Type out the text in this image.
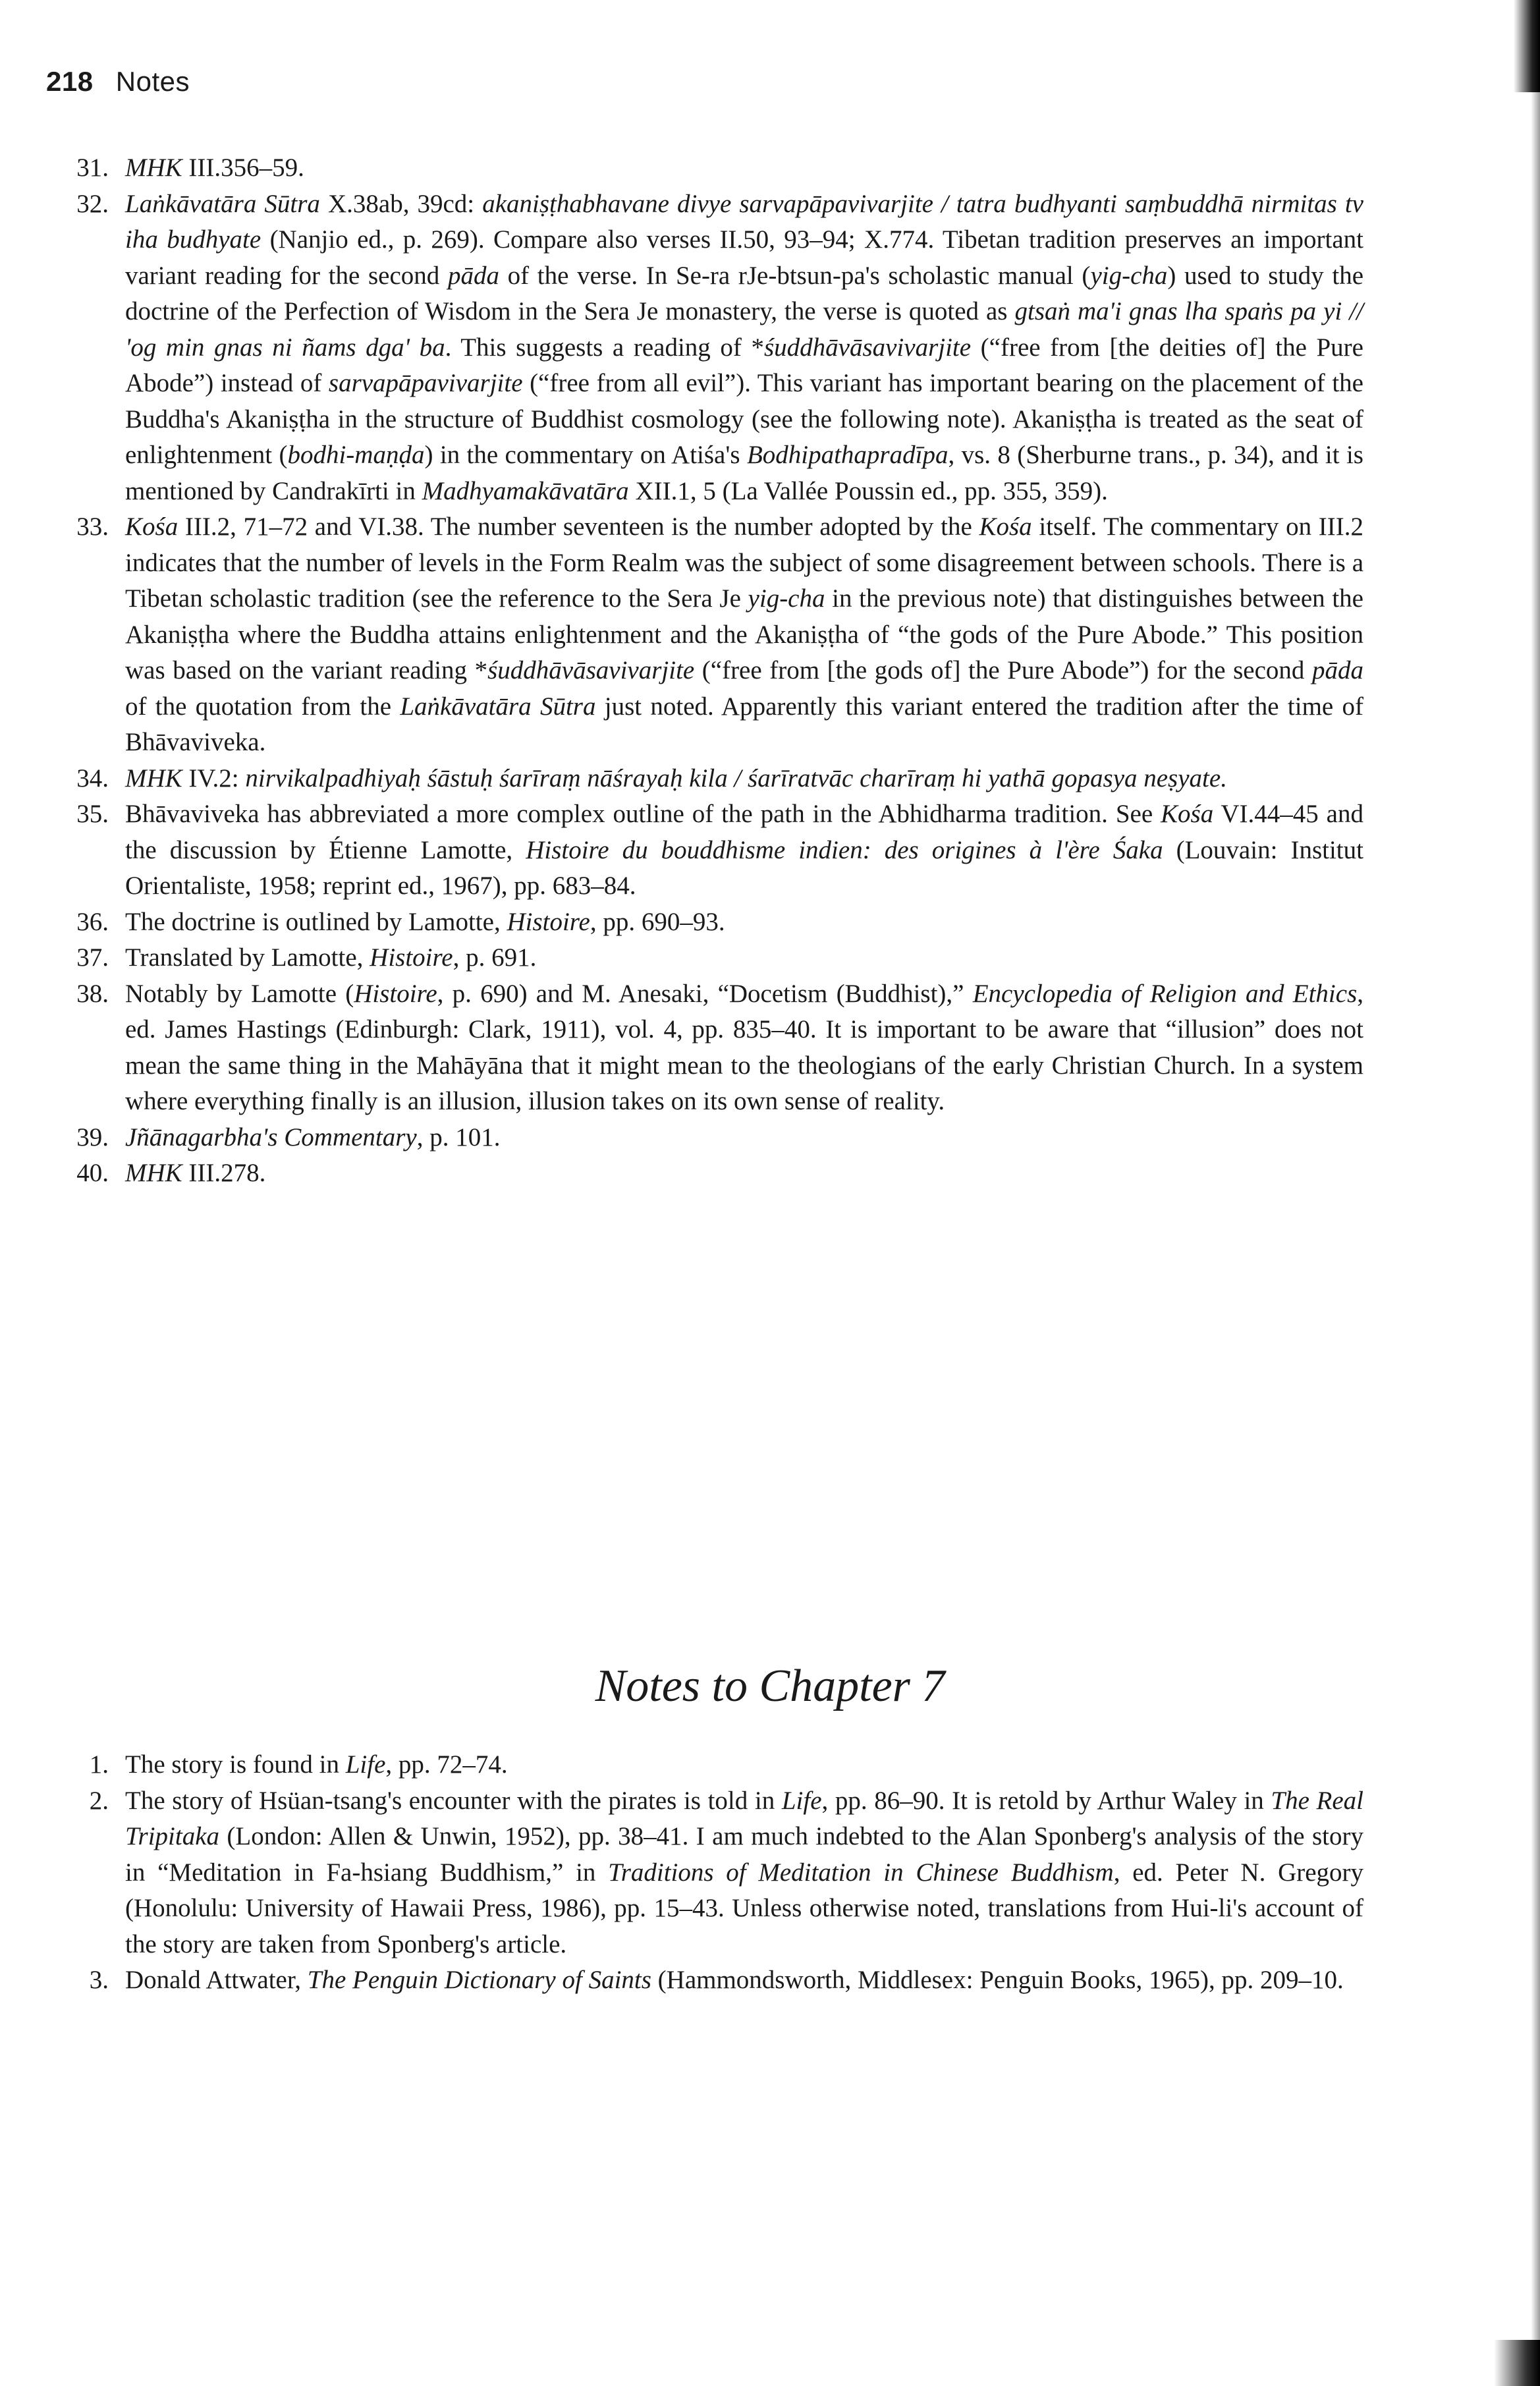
218 Notes
31. MHK III.356–59.
32. Laṅkāvatāra Sūtra X.38ab, 39cd: akaniṣṭhabhavane divye sarvapāpavivarjite / tatra budhyanti saṃbuddhā nirmitas tv iha budhyate (Nanjio ed., p. 269). Compare also verses II.50, 93–94; X.774. Tibetan tradition preserves an important variant reading for the second pāda of the verse. In Se-ra rJe-btsun-pa's scholastic manual (yig-cha) used to study the doctrine of the Perfection of Wisdom in the Sera Je monastery, the verse is quoted as gtsaṅ ma'i gnas lha spaṅs pa yi // 'og min gnas ni ñams dga' ba. This suggests a reading of *śuddhāvāsavivarjite (“free from [the deities of] the Pure Abode”) instead of sarvapāpavivarjite (“free from all evil”). This variant has important bearing on the placement of the Buddha's Akaniṣṭha in the structure of Buddhist cosmology (see the following note). Akaniṣṭha is treated as the seat of enlightenment (bodhi-maṇḍa) in the commentary on Atiśa's Bodhipathapradīpa, vs. 8 (Sherburne trans., p. 34), and it is mentioned by Candrakīrti in Madhyamakāvatāra XII.1, 5 (La Vallée Poussin ed., pp. 355, 359).
33. Kośa III.2, 71–72 and VI.38. The number seventeen is the number adopted by the Kośa itself. The commentary on III.2 indicates that the number of levels in the Form Realm was the subject of some disagreement between schools. There is a Tibetan scholastic tradition (see the reference to the Sera Je yig-cha in the previous note) that distinguishes between the Akaniṣṭha where the Buddha attains enlightenment and the Akaniṣṭha of “the gods of the Pure Abode.” This position was based on the variant reading *śuddhāvāsavivarjite (“free from [the gods of] the Pure Abode”) for the second pāda of the quotation from the Laṅkāvatāra Sūtra just noted. Apparently this variant entered the tradition after the time of Bhāvaviveka.
34. MHK IV.2: nirvikalpadhiyaḥ śāstuḥ śarīraṃ nāśrayaḥ kila / śarīratvāc charīraṃ hi yathā gopasya neṣyate.
35. Bhāvaviveka has abbreviated a more complex outline of the path in the Abhidharma tradition. See Kośa VI.44–45 and the discussion by Étienne Lamotte, Histoire du bouddhisme indien: des origines à l'ère Śaka (Louvain: Institut Orientaliste, 1958; reprint ed., 1967), pp. 683–84.
36. The doctrine is outlined by Lamotte, Histoire, pp. 690–93.
37. Translated by Lamotte, Histoire, p. 691.
38. Notably by Lamotte (Histoire, p. 690) and M. Anesaki, “Docetism (Buddhist),” Encyclopedia of Religion and Ethics, ed. James Hastings (Edinburgh: Clark, 1911), vol. 4, pp. 835–40. It is important to be aware that “illusion” does not mean the same thing in the Mahāyāna that it might mean to the theologians of the early Christian Church. In a system where everything finally is an illusion, illusion takes on its own sense of reality.
39. Jñānagarbha's Commentary, p. 101.
40. MHK III.278.
Notes to Chapter 7
1. The story is found in Life, pp. 72–74.
2. The story of Hsüan-tsang's encounter with the pirates is told in Life, pp. 86–90. It is retold by Arthur Waley in The Real Tripitaka (London: Allen & Unwin, 1952), pp. 38–41. I am much indebted to the Alan Sponberg's analysis of the story in “Meditation in Fa-hsiang Buddhism,” in Traditions of Meditation in Chinese Buddhism, ed. Peter N. Gregory (Honolulu: University of Hawaii Press, 1986), pp. 15–43. Unless otherwise noted, translations from Hui-li's account of the story are taken from Sponberg's article.
3. Donald Attwater, The Penguin Dictionary of Saints (Hammondsworth, Middlesex: Penguin Books, 1965), pp. 209–10.
